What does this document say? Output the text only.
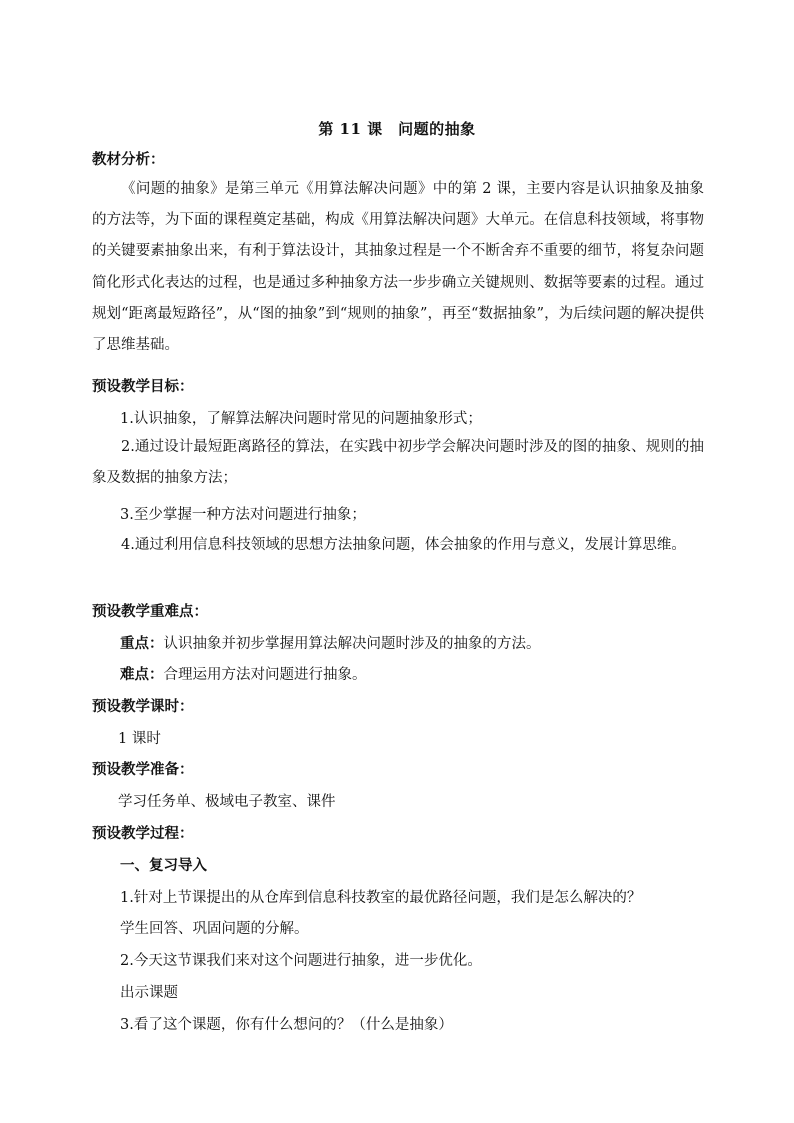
第 11 课　问题的抽象
教材分析：
《问题的抽象》是第三单元《用算法解决问题》中的第 2 课，主要内容是认识抽象及抽象的方法等，为下面的课程奠定基础，构成《用算法解决问题》大单元。在信息科技领域，将事物的关键要素抽象出来，有利于算法设计，其抽象过程是一个不断舍弃不重要的细节，将复杂问题简化形式化表达的过程，也是通过多种抽象方法一步步确立关键规则、数据等要素的过程。通过规划“距离最短路径”，从“图的抽象”到“规则的抽象”，再至“数据抽象”，为后续问题的解决提供了思维基础。
预设教学目标：
1.认识抽象，了解算法解决问题时常见的问题抽象形式；
2.通过设计最短距离路径的算法，在实践中初步学会解决问题时涉及的图的抽象、规则的抽象及数据的抽象方法；
3.至少掌握一种方法对问题进行抽象；
4.通过利用信息科技领域的思想方法抽象问题，体会抽象的作用与意义，发展计算思维。
预设教学重难点：
重点：认识抽象并初步掌握用算法解决问题时涉及的抽象的方法。
难点：合理运用方法对问题进行抽象。
预设教学课时：
1 课时
预设教学准备：
学习任务单、极域电子教室、课件
预设教学过程：
一、复习导入
1.针对上节课提出的从仓库到信息科技教室的最优路径问题，我们是怎么解决的？
学生回答、巩固问题的分解。
2.今天这节课我们来对这个问题进行抽象，进一步优化。
出示课题
3.看了这个课题，你有什么想问的？（什么是抽象）
